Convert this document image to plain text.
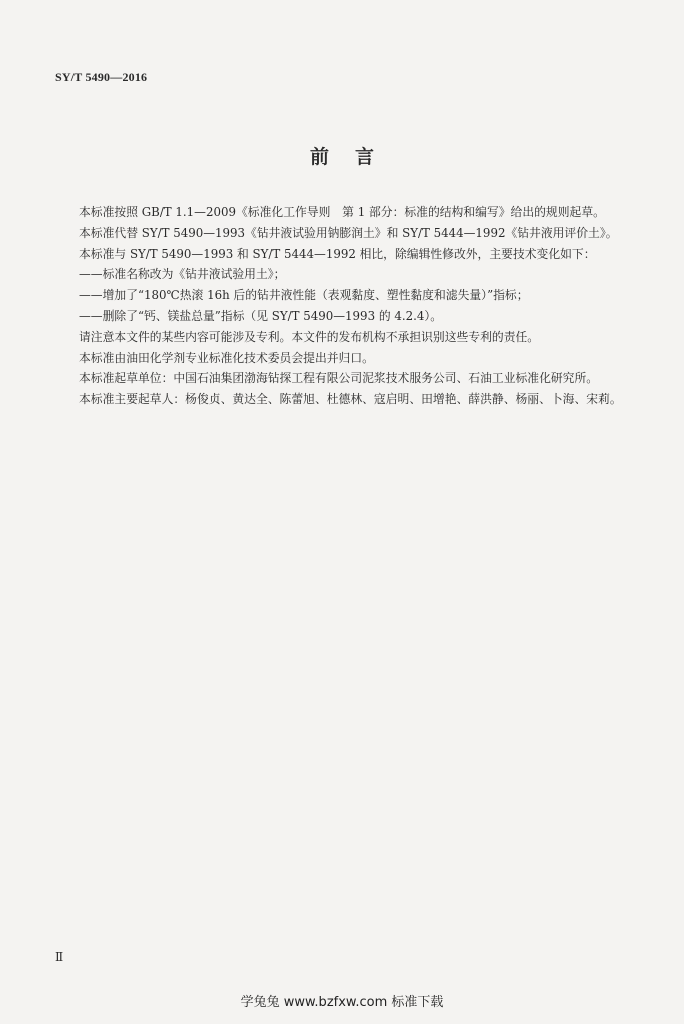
SY/T 5490—2016
前言

本标准按照 GB/T 1.1—2009《标准化工作导则　第 1 部分：标准的结构和编写》给出的规则起草。

本标准代替 SY/T 5490—1993《钻井液试验用钠膨润土》和 SY/T 5444—1992《钻井液用评价土》。

本标准与 SY/T 5490—1993 和 SY/T 5444—1992 相比，除编辑性修改外，主要技术变化如下：

——标准名称改为《钻井液试验用土》；

——增加了“180℃热滚 16h 后的钻井液性能（表观黏度、塑性黏度和滤失量）”指标；

——删除了“钙、镁盐总量”指标（见 SY/T 5490—1993 的 4.2.4）。

请注意本文件的某些内容可能涉及专利。本文件的发布机构不承担识别这些专利的责任。

本标准由油田化学剂专业标准化技术委员会提出并归口。

本标准起草单位：中国石油集团渤海钻探工程有限公司泥浆技术服务公司、石油工业标准化研究所。

本标准主要起草人：杨俊贞、黄达全、陈蕾旭、杜德林、寇启明、田增艳、薛洪静、杨丽、卜海、宋莉。

Ⅱ
学兔兔 www.bzfxw.com 标准下载
